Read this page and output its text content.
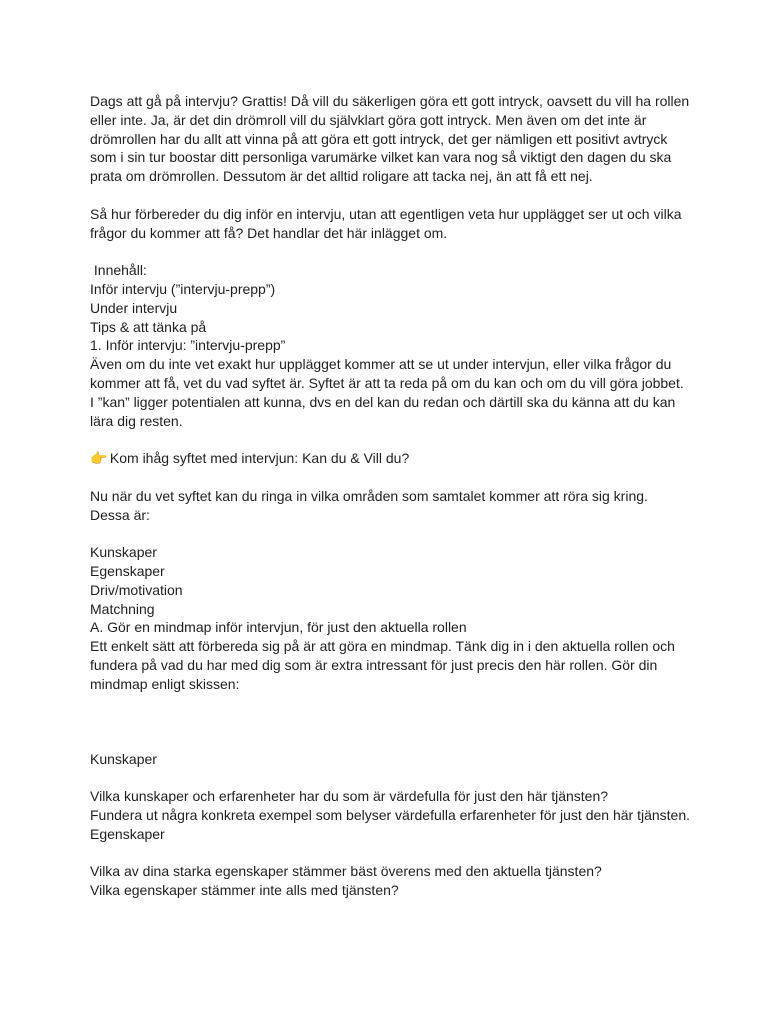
Dags att gå på intervju? Grattis! Då vill du säkerligen göra ett gott intryck, oavsett du vill ha rollen eller inte. Ja, är det din drömroll vill du självklart göra gott intryck. Men även om det inte är drömrollen har du allt att vinna på att göra ett gott intryck, det ger nämligen ett positivt avtryck som i sin tur boostar ditt personliga varumärke vilket kan vara nog så viktigt den dagen du ska prata om drömrollen. Dessutom är det alltid roligare att tacka nej, än att få ett nej.

Så hur förbereder du dig inför en intervju, utan att egentligen veta hur upplägget ser ut och vilka frågor du kommer att få? Det handlar det här inlägget om.

Innehåll:

Inför intervju (”intervju-prepp”)

Under intervju

Tips & att tänka på

1. Inför intervju: ”intervju-prepp”

Även om du inte vet exakt hur upplägget kommer att se ut under intervjun, eller vilka frågor du kommer att få, vet du vad syftet är. Syftet är att ta reda på om du kan och om du vill göra jobbet. I ”kan” ligger potentialen att kunna, dvs en del kan du redan och därtill ska du känna att du kan lära dig resten.

👉 Kom ihåg syftet med intervjun: Kan du & Vill du?

Nu när du vet syftet kan du ringa in vilka områden som samtalet kommer att röra sig kring. Dessa är:

Kunskaper

Egenskaper

Driv/motivation

Matchning

A. Gör en mindmap inför intervjun, för just den aktuella rollen

Ett enkelt sätt att förbereda sig på är att göra en mindmap. Tänk dig in i den aktuella rollen och fundera på vad du har med dig som är extra intressant för just precis den här rollen. Gör din mindmap enligt skissen:

Kunskaper

Vilka kunskaper och erfarenheter har du som är värdefulla för just den här tjänsten?

Fundera ut några konkreta exempel som belyser värdefulla erfarenheter för just den här tjänsten.

Egenskaper

Vilka av dina starka egenskaper stämmer bäst överens med den aktuella tjänsten?

Vilka egenskaper stämmer inte alls med tjänsten?
